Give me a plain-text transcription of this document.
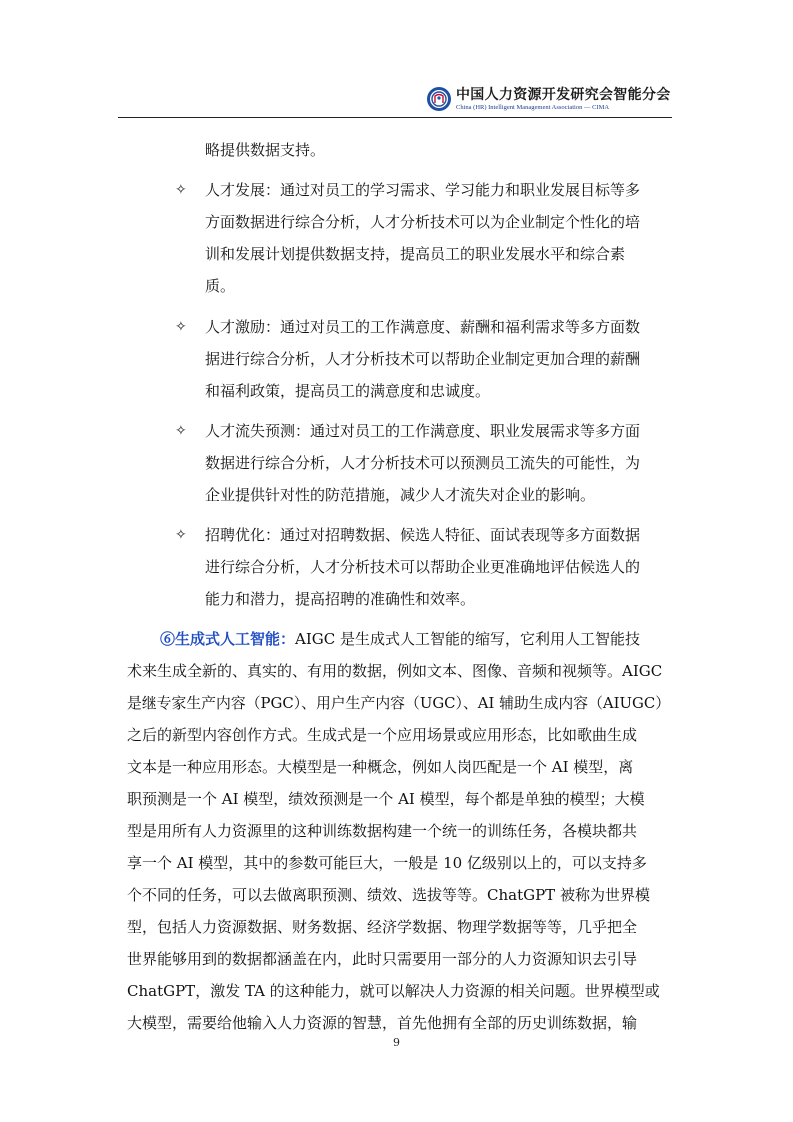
中国人力资源开发研究会智能分会
China (HR) Intelligent Management Association — CIMA
略提供数据支持。
✧ 人才发展：通过对员工的学习需求、学习能力和职业发展目标等多
方面数据进行综合分析，人才分析技术可以为企业制定个性化的培
训和发展计划提供数据支持，提高员工的职业发展水平和综合素
质。
✧ 人才激励：通过对员工的工作满意度、薪酬和福利需求等多方面数
据进行综合分析，人才分析技术可以帮助企业制定更加合理的薪酬
和福利政策，提高员工的满意度和忠诚度。
✧ 人才流失预测：通过对员工的工作满意度、职业发展需求等多方面
数据进行综合分析，人才分析技术可以预测员工流失的可能性，为
企业提供针对性的防范措施，减少人才流失对企业的影响。
✧ 招聘优化：通过对招聘数据、候选人特征、面试表现等多方面数据
进行综合分析，人才分析技术可以帮助企业更准确地评估候选人的
能力和潜力，提高招聘的准确性和效率。
⑥生成式人工智能：AIGC 是生成式人工智能的缩写，它利用人工智能技
术来生成全新的、真实的、有用的数据，例如文本、图像、音频和视频等。AIGC
是继专家生产内容（PGC）、用户生产内容（UGC）、AI 辅助生成内容（AIUGC）
之后的新型内容创作方式。生成式是一个应用场景或应用形态，比如歌曲生成
文本是一种应用形态。大模型是一种概念，例如人岗匹配是一个 AI 模型，离
职预测是一个 AI 模型，绩效预测是一个 AI 模型，每个都是单独的模型；大模
型是用所有人力资源里的这种训练数据构建一个统一的训练任务，各模块都共
享一个 AI 模型，其中的参数可能巨大，一般是 10 亿级别以上的，可以支持多
个不同的任务，可以去做离职预测、绩效、选拔等等。ChatGPT 被称为世界模
型，包括人力资源数据、财务数据、经济学数据、物理学数据等等，几乎把全
世界能够用到的数据都涵盖在内，此时只需要用一部分的人力资源知识去引导
ChatGPT，激发 TA 的这种能力，就可以解决人力资源的相关问题。世界模型或
大模型，需要给他输入人力资源的智慧，首先他拥有全部的历史训练数据，输
9
